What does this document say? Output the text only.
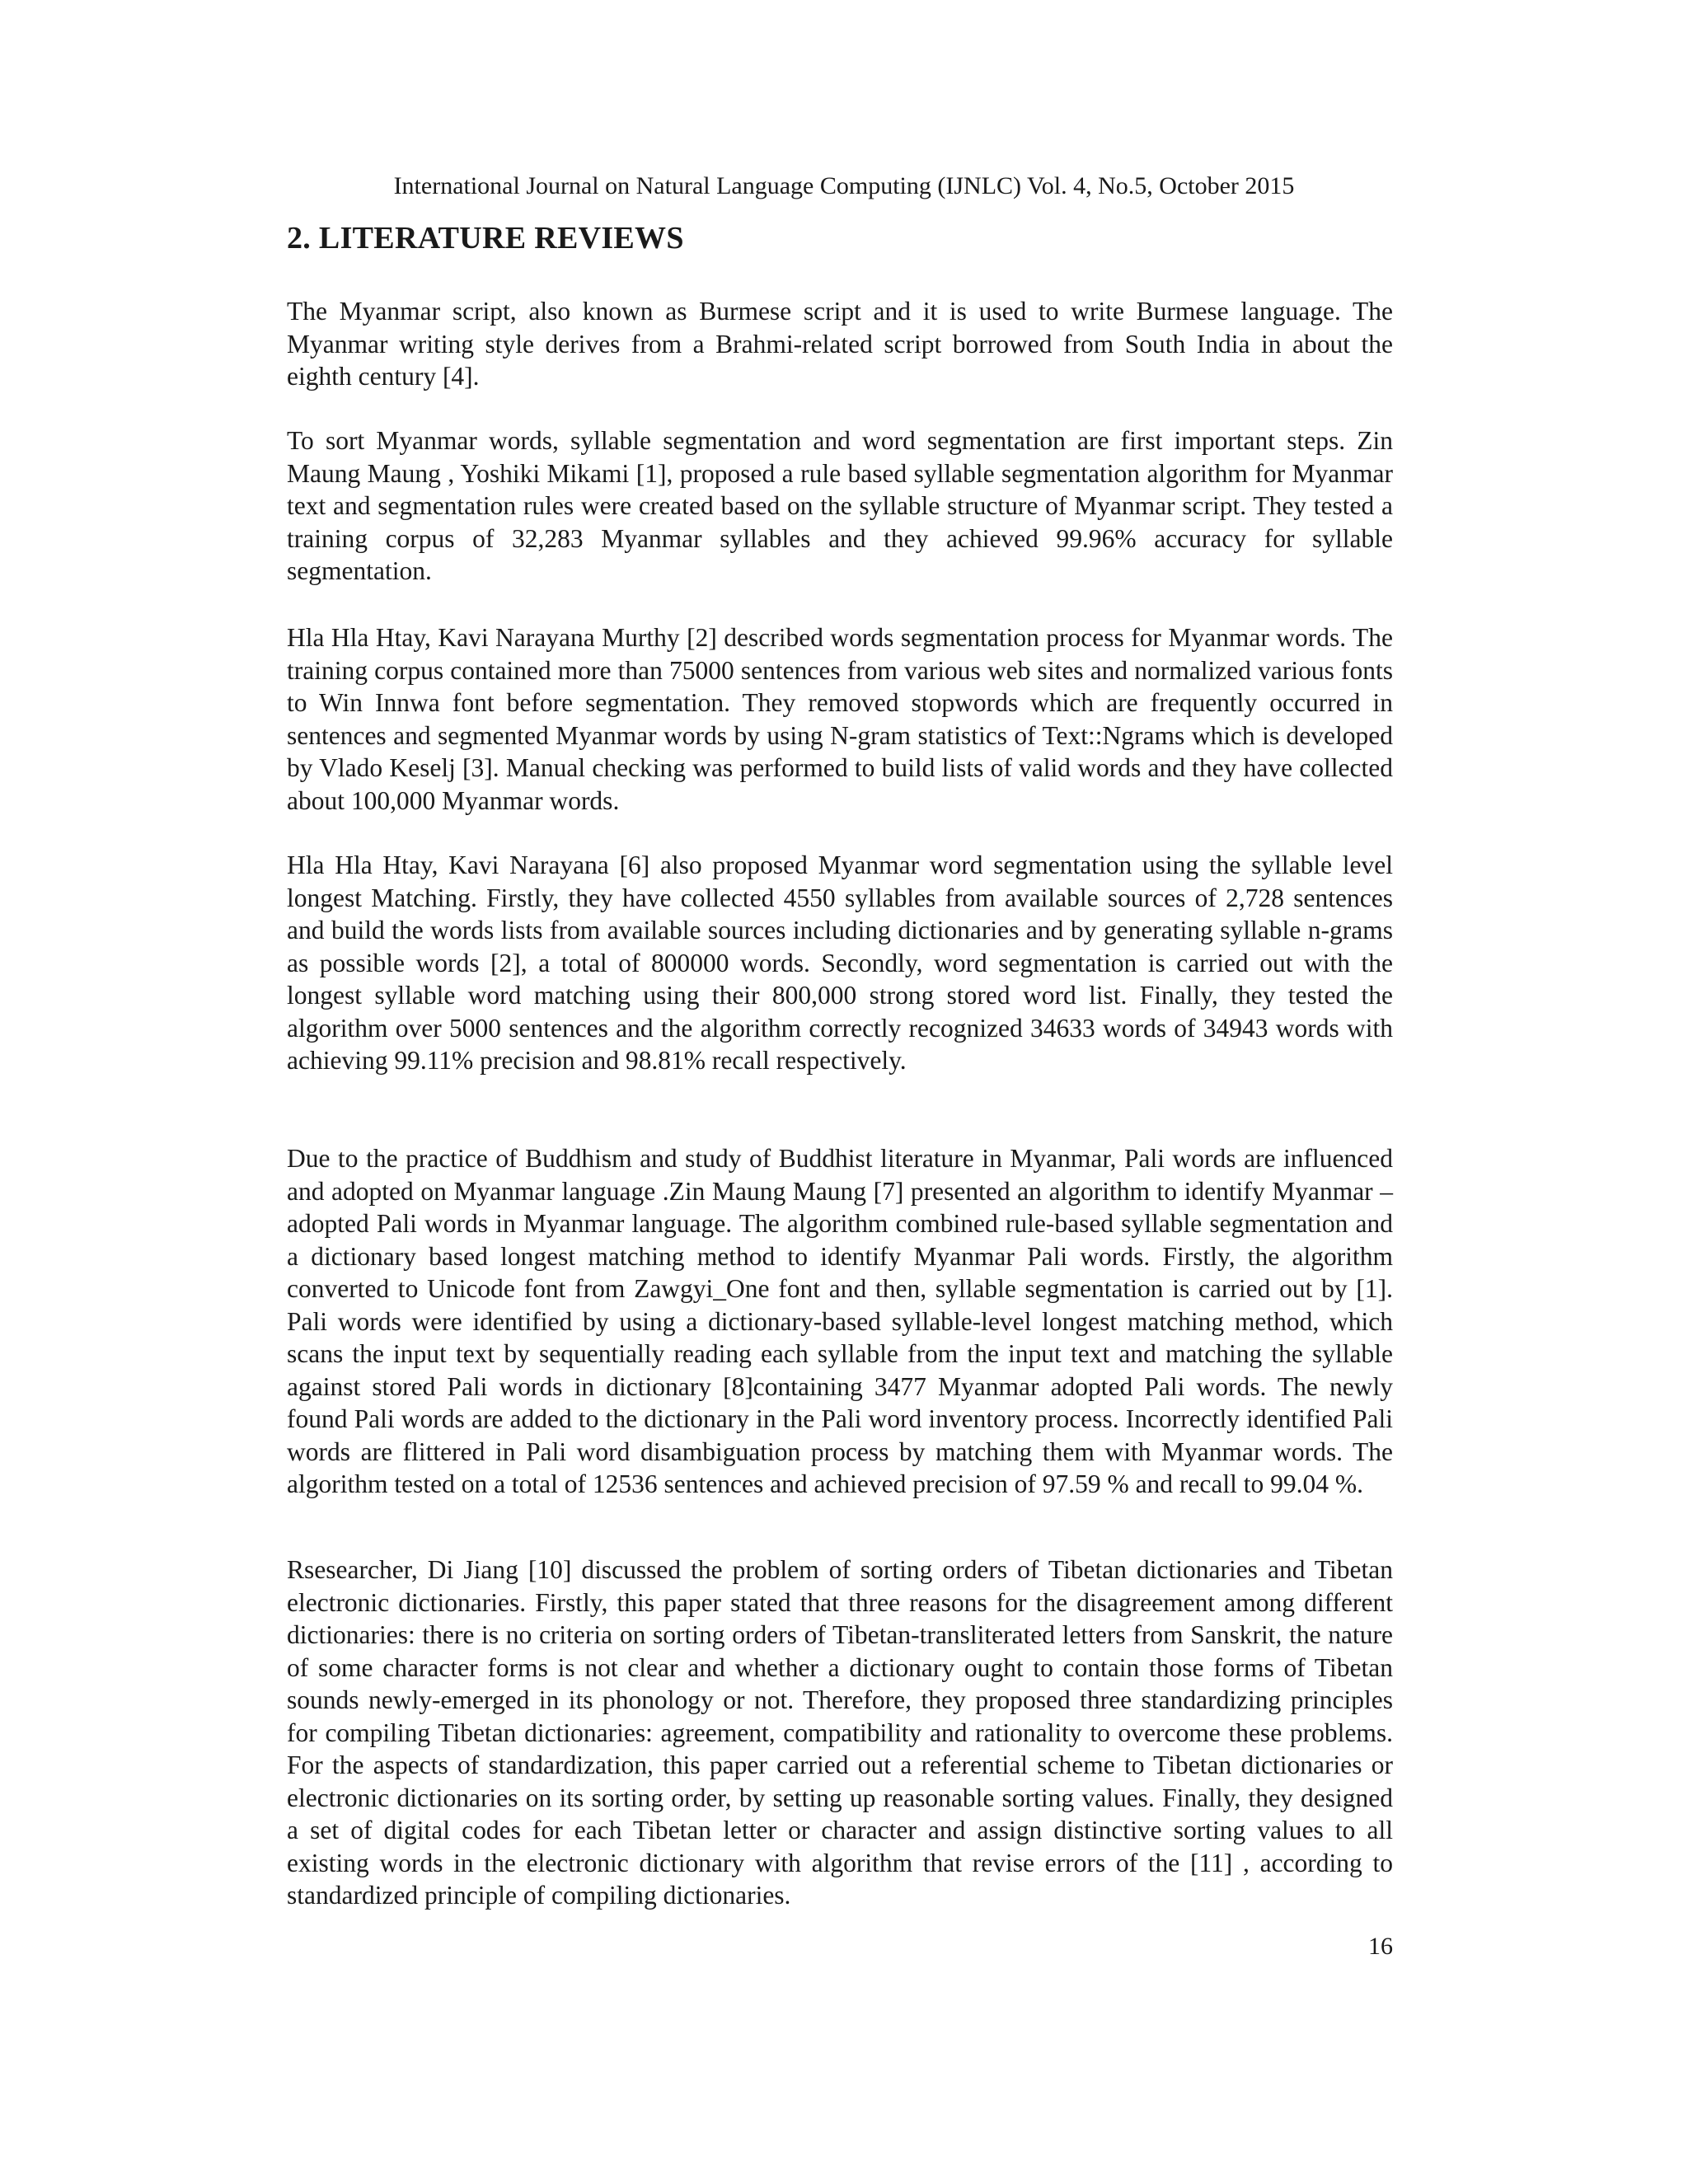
International Journal on Natural Language Computing (IJNLC) Vol. 4, No.5, October 2015
2. LITERATURE REVIEWS
The Myanmar script, also known as Burmese script and it is used to write Burmese language. The Myanmar writing style derives from a Brahmi-related script borrowed from South India in about the eighth century [4].
To sort Myanmar words, syllable segmentation and word segmentation are first important steps. Zin Maung Maung , Yoshiki Mikami [1], proposed a rule based syllable segmentation algorithm for Myanmar text and segmentation rules were created based on the syllable structure of Myanmar script. They tested a training corpus of 32,283 Myanmar syllables and they achieved 99.96% accuracy for syllable segmentation.
Hla Hla Htay, Kavi Narayana Murthy [2] described words segmentation process for Myanmar words. The training corpus contained more than 75000 sentences from various web sites and normalized various fonts to Win Innwa font before segmentation. They removed stopwords which are frequently occurred in sentences and segmented Myanmar words by using N-gram statistics of Text::Ngrams which is developed by Vlado Keselj [3]. Manual checking was performed to build lists of valid words and they have collected about 100,000 Myanmar words.
Hla Hla Htay, Kavi Narayana [6] also proposed Myanmar word segmentation using the syllable level longest Matching. Firstly, they have collected 4550 syllables from available sources of 2,728 sentences and build the words lists from available sources including dictionaries and by generating syllable n-grams as possible words [2], a total of 800000 words. Secondly, word segmentation is carried out with the longest syllable word matching using their 800,000 strong stored word list. Finally, they tested the algorithm over 5000 sentences and the algorithm correctly recognized 34633 words of 34943 words with achieving 99.11% precision and 98.81% recall respectively.
Due to the practice of Buddhism and study of Buddhist literature in Myanmar, Pali words are influenced and adopted on Myanmar language .Zin Maung Maung [7] presented an algorithm to identify Myanmar –adopted Pali words in Myanmar language. The algorithm combined rule-based syllable segmentation and a dictionary based longest matching method to identify Myanmar Pali words. Firstly, the algorithm converted to Unicode font from Zawgyi_One font and then, syllable segmentation is carried out by [1]. Pali words were identified by using a dictionary-based syllable-level longest matching method, which scans the input text by sequentially reading each syllable from the input text and matching the syllable against stored Pali words in dictionary [8]containing 3477 Myanmar adopted Pali words. The newly found Pali words are added to the dictionary in the Pali word inventory process. Incorrectly identified Pali words are flittered in Pali word disambiguation process by matching them with Myanmar words. The algorithm tested on a total of 12536 sentences and achieved precision of 97.59 % and recall to 99.04 %.
Rsesearcher, Di Jiang [10] discussed the problem of sorting orders of Tibetan dictionaries and Tibetan electronic dictionaries. Firstly, this paper stated that three reasons for the disagreement among different dictionaries: there is no criteria on sorting orders of Tibetan-transliterated letters from Sanskrit, the nature of some character forms is not clear and whether a dictionary ought to contain those forms of Tibetan sounds newly-emerged in its phonology or not. Therefore, they proposed three standardizing principles for compiling Tibetan dictionaries: agreement, compatibility and rationality to overcome these problems. For the aspects of standardization, this paper carried out a referential scheme to Tibetan dictionaries or electronic dictionaries on its sorting order, by setting up reasonable sorting values. Finally, they designed a set of digital codes for each Tibetan letter or character and assign distinctive sorting values to all existing words in the electronic dictionary with algorithm that revise errors of the [11] , according to standardized principle of compiling dictionaries.
16
